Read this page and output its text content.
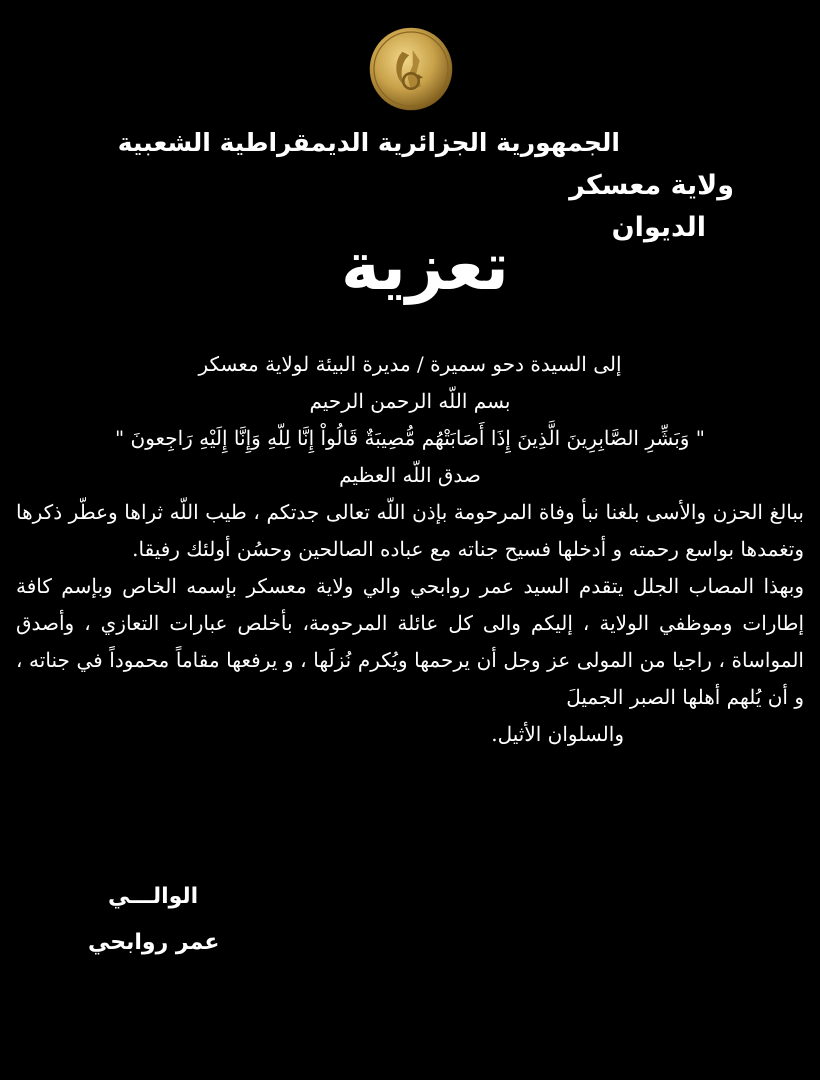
الجمهورية الجزائرية الديمقراطية الشعبية
ولاية معسكر
الديوان
تعزية

إلى السيدة دحو سميرة / مديرة البيئة لولاية معسكر

بسم اللّه الرحمن الرحيم

" وَبَشِّرِ الصَّابِرِينَ الَّذِينَ إِذَا أَصَابَتْهُم مُّصِيبَةٌ قَالُواْ إِنَّا لِلّهِ وَإِنَّا إِلَيْهِ رَاجِعونَ "

صدق اللّه العظيم

ببالغ الحزن والأسى بلغنا نبأ وفاة المرحومة بإذن اللّه تعالى جدتكم ، طيب اللّه ثراها وعطّر ذكرها وتغمدها بواسع رحمته و أدخلها فسيح جناته مع عباده الصالحين وحسُن أولئك رفيقا.

وبهذا المصاب الجلل يتقدم السيد عمر روابحي والي ولاية معسكر بإسمه الخاص وبإسم كافة إطارات وموظفي الولاية ، إليكم والى كل عائلة المرحومة، بأخلص عبارات التعازي ، وأصدق المواساة ، راجيا من المولى عز وجل أن يرحمها ويُكرم نُزلَها ، و يرفعها مقاماً محموداً في جناته ، و أن يُلهم أهلها الصبر الجميلَ

والسلوان الأثيل.

الوالـــي
عمر روابحي
